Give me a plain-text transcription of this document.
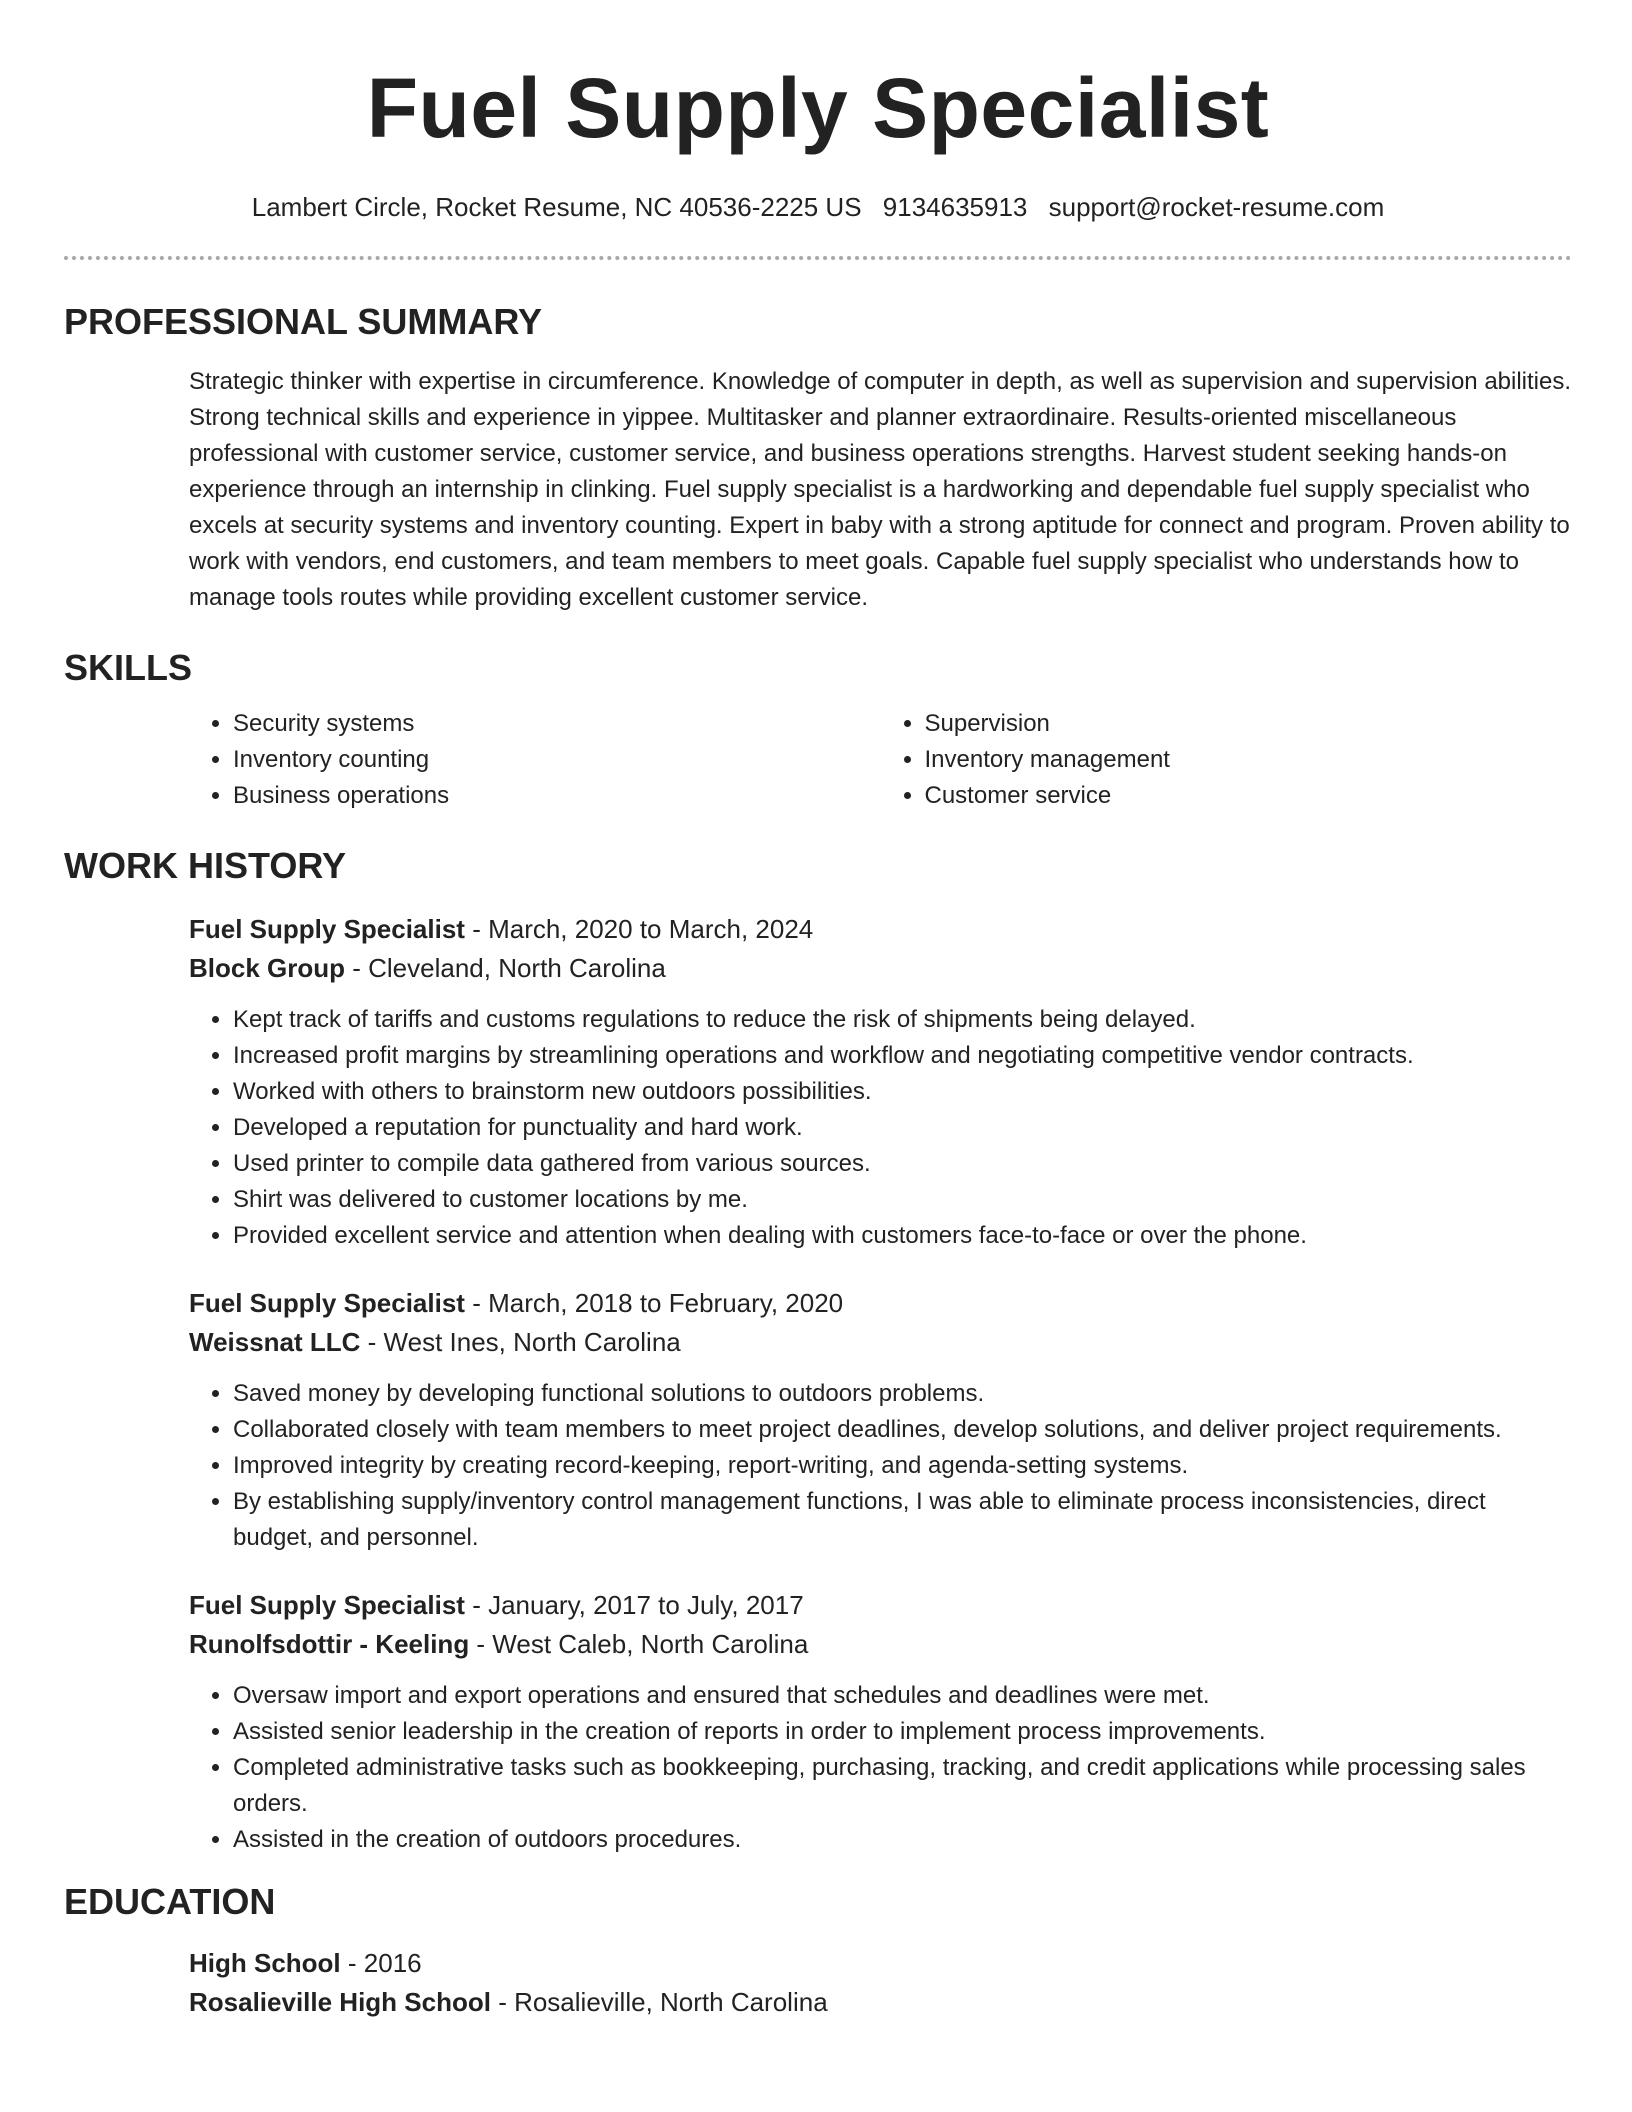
Fuel Supply Specialist
Lambert Circle, Rocket Resume, NC 40536-2225 US 9134635913 support@rocket-resume.com
PROFESSIONAL SUMMARY
Strategic thinker with expertise in circumference. Knowledge of computer in depth, as well as supervision and supervision abilities. Strong technical skills and experience in yippee. Multitasker and planner extraordinaire. Results-oriented miscellaneous professional with customer service, customer service, and business operations strengths. Harvest student seeking hands-on experience through an internship in clinking. Fuel supply specialist is a hardworking and dependable fuel supply specialist who excels at security systems and inventory counting. Expert in baby with a strong aptitude for connect and program. Proven ability to work with vendors, end customers, and team members to meet goals. Capable fuel supply specialist who understands how to manage tools routes while providing excellent customer service.
SKILLS
• Security systems
• Inventory counting
• Business operations
• Supervision
• Inventory management
• Customer service
WORK HISTORY
Fuel Supply Specialist - March, 2020 to March, 2024
Block Group - Cleveland, North Carolina
• Kept track of tariffs and customs regulations to reduce the risk of shipments being delayed.
• Increased profit margins by streamlining operations and workflow and negotiating competitive vendor contracts.
• Worked with others to brainstorm new outdoors possibilities.
• Developed a reputation for punctuality and hard work.
• Used printer to compile data gathered from various sources.
• Shirt was delivered to customer locations by me.
• Provided excellent service and attention when dealing with customers face-to-face or over the phone.
Fuel Supply Specialist - March, 2018 to February, 2020
Weissnat LLC - West Ines, North Carolina
• Saved money by developing functional solutions to outdoors problems.
• Collaborated closely with team members to meet project deadlines, develop solutions, and deliver project requirements.
• Improved integrity by creating record-keeping, report-writing, and agenda-setting systems.
• By establishing supply/inventory control management functions, I was able to eliminate process inconsistencies, direct budget, and personnel.
Fuel Supply Specialist - January, 2017 to July, 2017
Runolfsdottir - Keeling - West Caleb, North Carolina
• Oversaw import and export operations and ensured that schedules and deadlines were met.
• Assisted senior leadership in the creation of reports in order to implement process improvements.
• Completed administrative tasks such as bookkeeping, purchasing, tracking, and credit applications while processing sales orders.
• Assisted in the creation of outdoors procedures.
EDUCATION
High School - 2016
Rosalieville High School - Rosalieville, North Carolina
